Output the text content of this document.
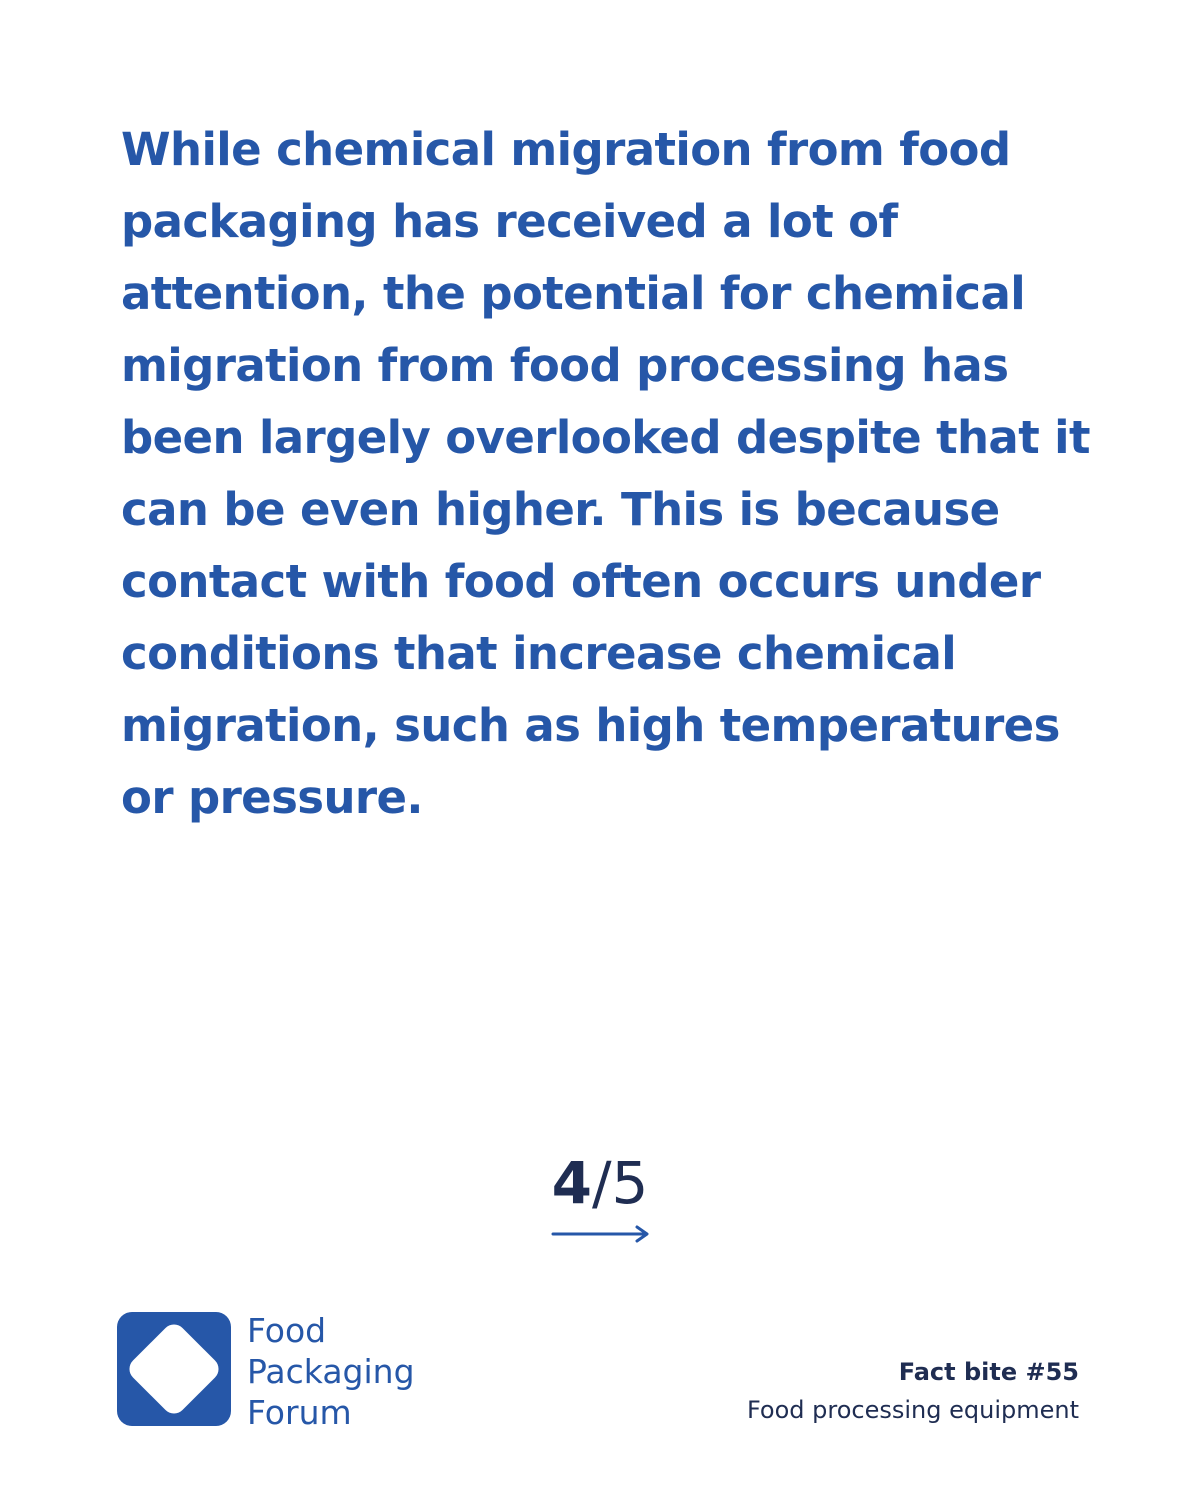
While chemical migration from food
packaging has received a lot of
attention, the potential for chemical
migration from food processing has
been largely overlooked despite that it
can be even higher. This is because
contact with food often occurs under
conditions that increase chemical
migration, such as high temperatures
or pressure.
4/5
Food
Packaging
Forum
Fact bite #55
Food processing equipment
